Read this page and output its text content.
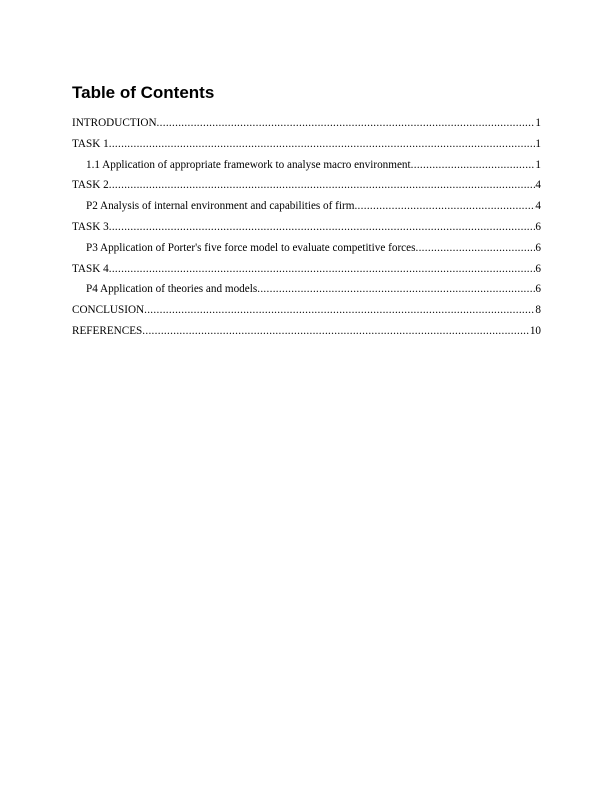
Table of Contents
INTRODUCTION .....	1
TASK 1 .....	1
1.1 Application of appropriate framework to analyse macro environment .....	1
TASK 2 .....	4
P2 Analysis of internal environment and capabilities of firm .....	4
TASK 3 .....	6
P3 Application of Porter's five force model to evaluate competitive forces .....	6
TASK 4 .....	6
P4 Application of theories and models .....	6
CONCLUSION .....	8
REFERENCES .....	10
